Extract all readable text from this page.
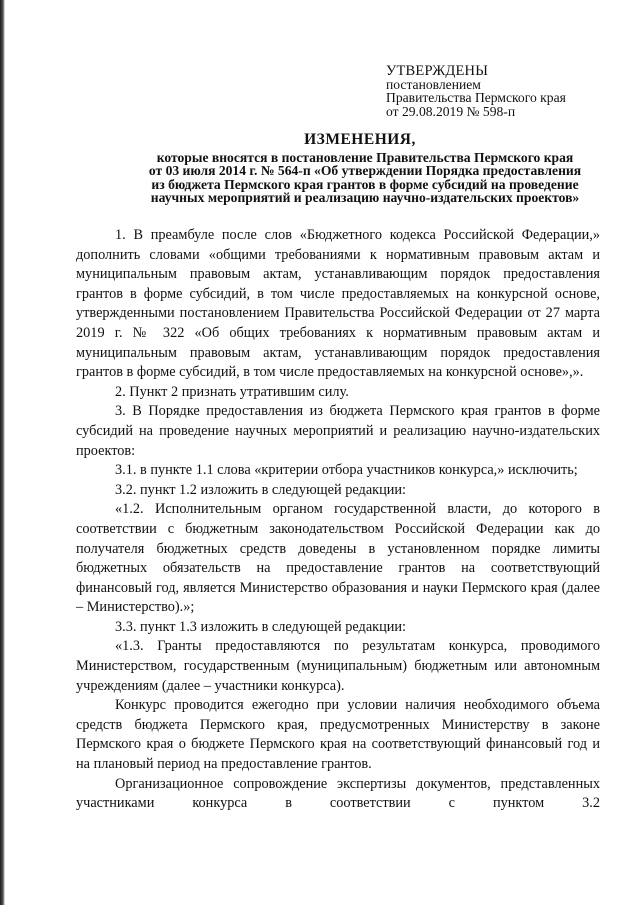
УТВЕРЖДЕНЫ
постановлением
Правительства Пермского края
от 29.08.2019 № 598-п
ИЗМЕНЕНИЯ,
которые вносятся в постановление Правительства Пермского края
от 03 июля 2014 г. № 564-п «Об утверждении Порядка предоставления
из бюджета Пермского края грантов в форме субсидий на проведение
научных мероприятий и реализацию научно-издательских проектов»

1. В преамбуле после слов «Бюджетного кодекса Российской Федерации,» дополнить словами «общими требованиями к нормативным правовым актам и муниципальным правовым актам, устанавливающим порядок предоставления грантов в форме субсидий, в том числе предоставляемых на конкурсной основе, утвержденными постановлением Правительства Российской Федерации от 27 марта 2019 г. № 322 «Об общих требованиях к нормативным правовым актам и муниципальным правовым актам, устанавливающим порядок предоставления грантов в форме субсидий, в том числе предоставляемых на конкурсной основе»,».

2. Пункт 2 признать утратившим силу.

3. В Порядке предоставления из бюджета Пермского края грантов в форме субсидий на проведение научных мероприятий и реализацию научно-издательских проектов:

3.1. в пункте 1.1 слова «критерии отбора участников конкурса,» исключить;

3.2. пункт 1.2 изложить в следующей редакции:

«1.2. Исполнительным органом государственной власти, до которого в соответствии с бюджетным законодательством Российской Федерации как до получателя бюджетных средств доведены в установленном порядке лимиты бюджетных обязательств на предоставление грантов на соответствующий финансовый год, является Министерство образования и науки Пермского края (далее – Министерство).»;

3.3. пункт 1.3 изложить в следующей редакции:

«1.3. Гранты предоставляются по результатам конкурса, проводимого Министерством, государственным (муниципальным) бюджетным или автономным учреждениям (далее – участники конкурса).

Конкурс проводится ежегодно при условии наличия необходимого объема средств бюджета Пермского края, предусмотренных Министерству в законе Пермского края о бюджете Пермского края на соответствующий финансовый год и на плановый период на предоставление грантов.

Организационное сопровождение экспертизы документов, представленных участниками конкурса в соответствии с пунктом 3.2
